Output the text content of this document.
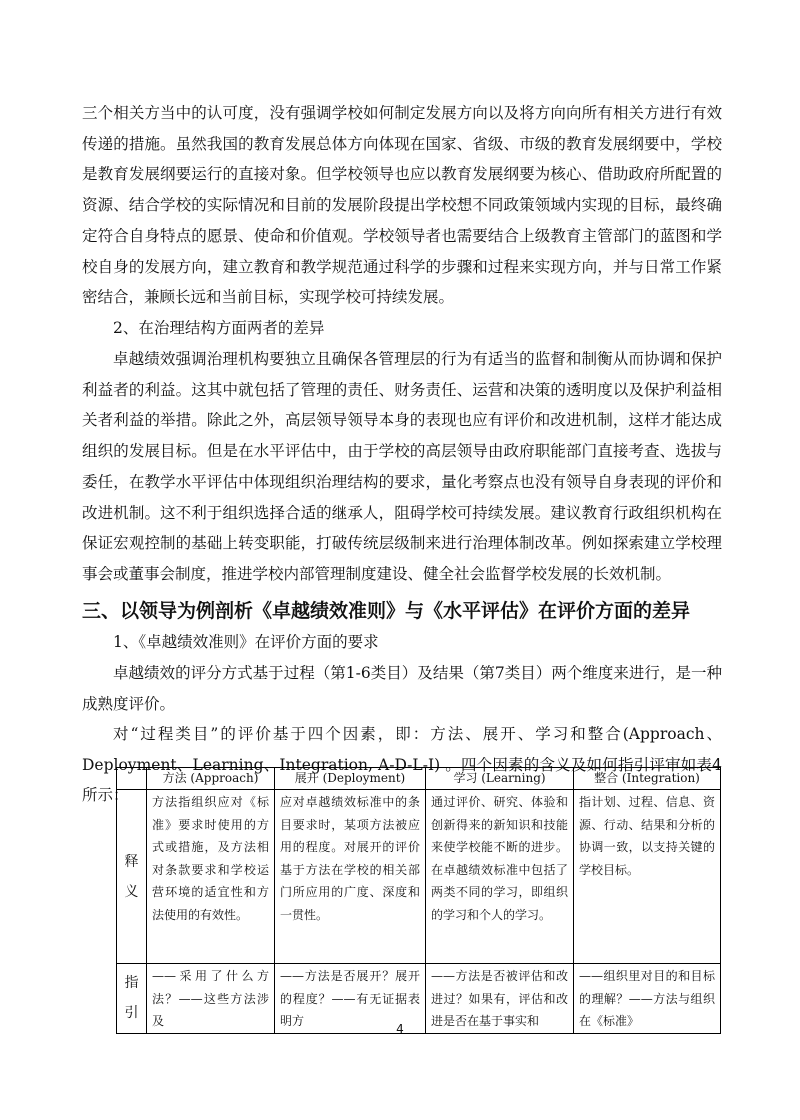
三个相关方当中的认可度，没有强调学校如何制定发展方向以及将方向向所有相关方进行有效传递的措施。虽然我国的教育发展总体方向体现在国家、省级、市级的教育发展纲要中，学校是教育发展纲要运行的直接对象。但学校领导也应以教育发展纲要为核心、借助政府所配置的资源、结合学校的实际情况和目前的发展阶段提出学校想不同政策领域内实现的目标，最终确定符合自身特点的愿景、使命和价值观。学校领导者也需要结合上级教育主管部门的蓝图和学校自身的发展方向，建立教育和教学规范通过科学的步骤和过程来实现方向，并与日常工作紧密结合，兼顾长远和当前目标，实现学校可持续发展。

2、在治理结构方面两者的差异

卓越绩效强调治理机构要独立且确保各管理层的行为有适当的监督和制衡从而协调和保护利益者的利益。这其中就包括了管理的责任、财务责任、运营和决策的透明度以及保护利益相关者利益的举措。除此之外，高层领导领导本身的表现也应有评价和改进机制，这样才能达成组织的发展目标。但是在水平评估中，由于学校的高层领导由政府职能部门直接考查、选拔与委任，在教学水平评估中体现组织治理结构的要求，量化考察点也没有领导自身表现的评价和改进机制。这不利于组织选择合适的继承人，阻碍学校可持续发展。建议教育行政组织机构在保证宏观控制的基础上转变职能，打破传统层级制来进行治理体制改革。例如探索建立学校理事会或董事会制度，推进学校内部管理制度建设、健全社会监督学校发展的长效机制。

三、以领导为例剖析《卓越绩效准则》与《水平评估》在评价方面的差异

1、《卓越绩效准则》在评价方面的要求

卓越绩效的评分方式基于过程（第1-6类目）及结果（第7类目）两个维度来进行，是一种成熟度评价。

对“过程类目”的评价基于四个因素，即：方法、展开、学习和整合(Approach、Deployment、Learning、Integration, A-D-L-I) 。四个因素的含义及如何指引评审如表4所示：

	方法 (Approach)	展开 (Deployment)	学习 (Learning)	整合 (Integration)
释 义	方法指组织应对《标准》要求时使用的方式或措施，及方法相对条款要求和学校运营环境的适宜性和方法使用的有效性。	应对卓越绩效标准中的条目要求时，某项方法被应用的程度。对展开的评价基于方法在学校的相关部门所应用的广度、深度和一贯性。	通过评价、研究、体验和创新得来的新知识和技能来使学校能不断的进步。在卓越绩效标准中包括了两类不同的学习，即组织的学习和个人的学习。	指计划、过程、信息、资源、行动、结果和分析的协调一致，以支持关键的学校目标。
指 引	——采用了什么方法？——这些方法涉及	——方法是否展开？展开的程度？——有无证据表明方	——方法是否被评估和改进过？如果有，评估和改进是否在基于事实和	——组织里对目的和目标的理解？——方法与组织在《标准》
4
